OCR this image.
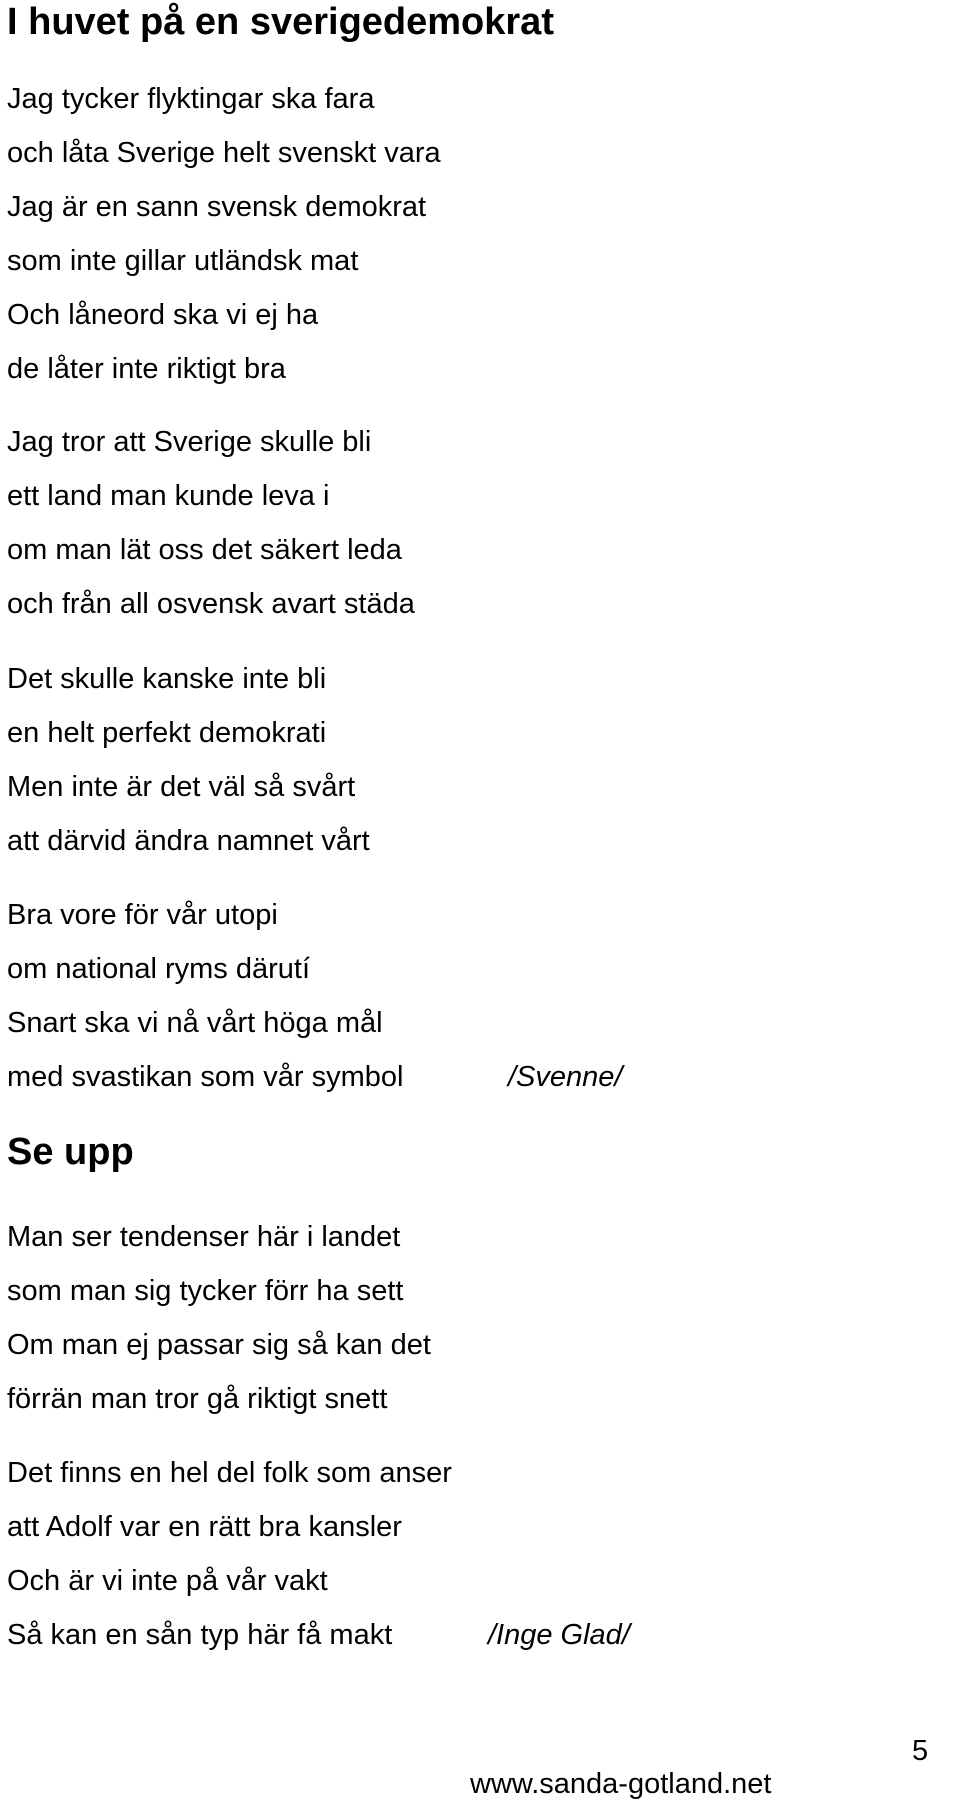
I huvet på en sverigedemokrat

Jag tycker flyktingar ska fara

och låta Sverige helt svenskt vara

Jag är en sann svensk demokrat

som inte gillar utländsk mat

Och låneord ska vi ej ha

de låter inte riktigt bra

Jag tror att Sverige skulle bli

ett land man kunde leva i

om man lät oss det säkert leda

och från all osvensk avart städa

Det skulle kanske inte bli

en helt perfekt demokrati

Men inte är det väl så svårt

att därvid ändra namnet vårt

Bra vore för vår utopi

om national ryms därutí

Snart ska vi nå vårt höga mål

med svastikan som vår symbol	/Svenne/

Se upp

Man ser tendenser här i landet

som man sig tycker förr ha sett

Om man ej passar sig så kan det

förrän man tror gå riktigt snett

Det finns en hel del folk som anser

att Adolf var en rätt bra kansler

Och är vi inte på vår vakt

Så kan en sån typ här få makt	/Inge Glad/

www.sanda-gotland.net
5
